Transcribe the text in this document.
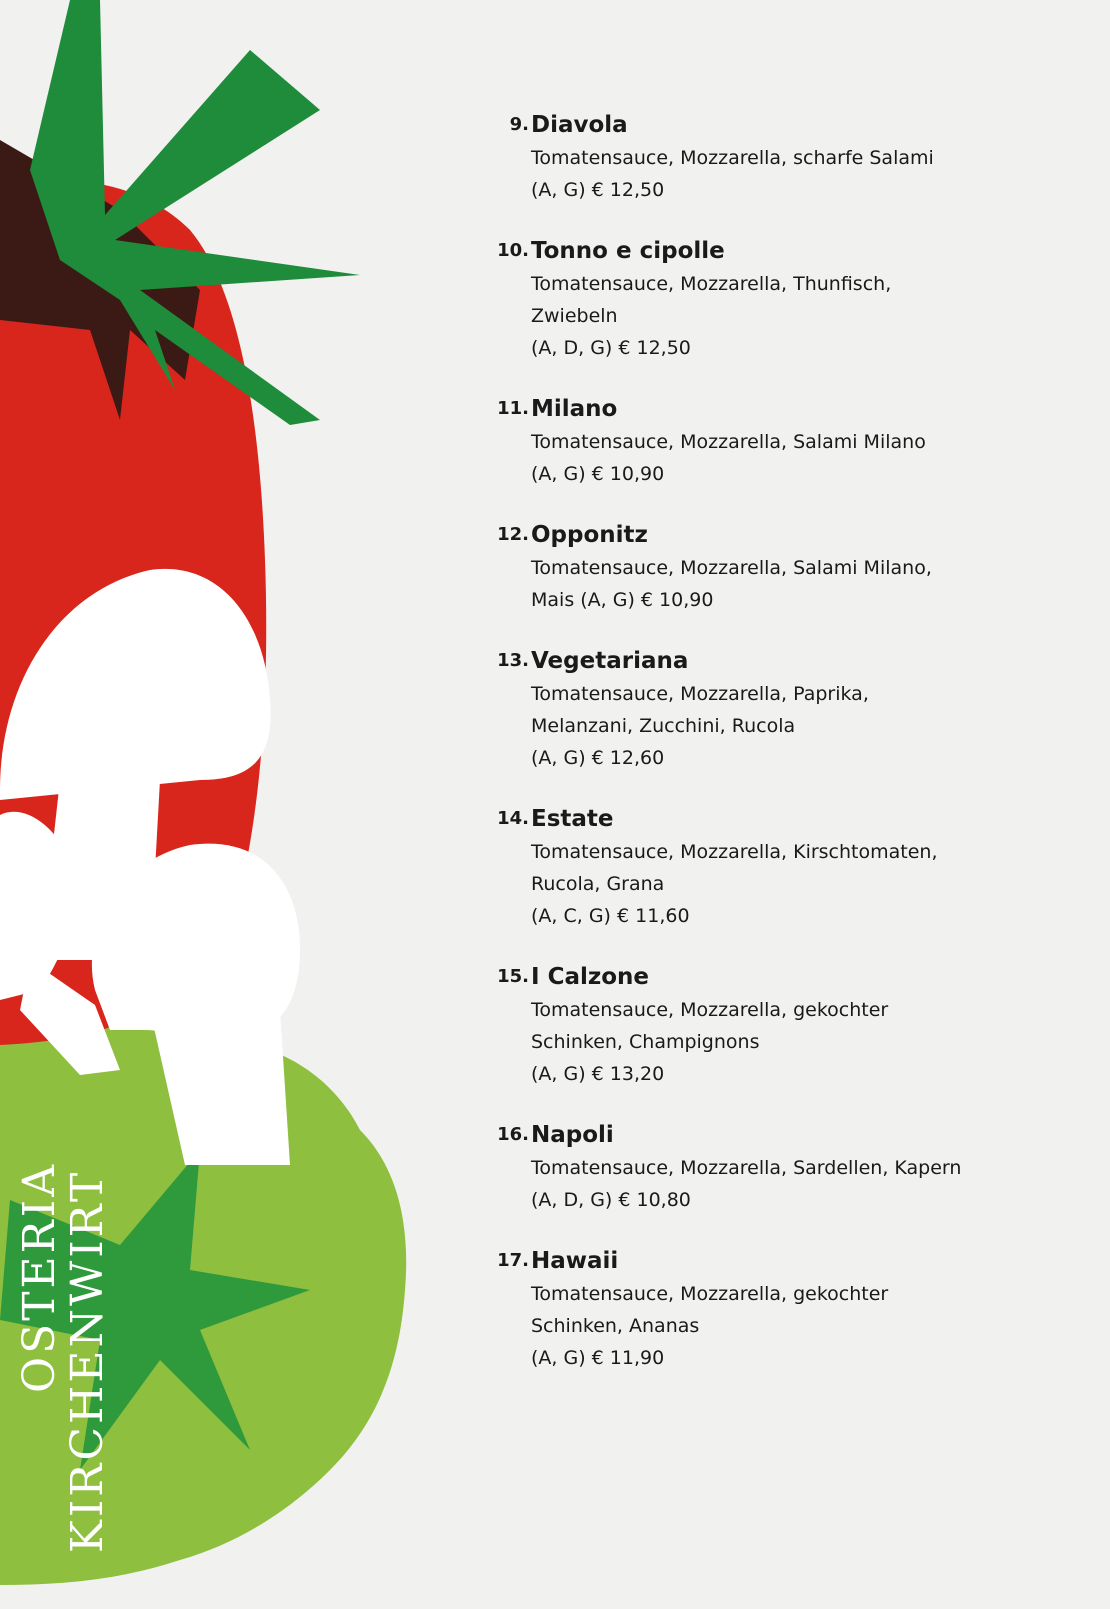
OSTERIA
KIRCHENWIRT
9. Diavola
Tomatensauce, Mozzarella, scharfe Salami
(A, G) € 12,50
10. Tonno e cipolle
Tomatensauce, Mozzarella, Thunfisch,
Zwiebeln
(A, D, G) € 12,50
11. Milano
Tomatensauce, Mozzarella, Salami Milano
(A, G) € 10,90
12. Opponitz
Tomatensauce, Mozzarella, Salami Milano,
Mais (A, G) € 10,90
13. Vegetariana
Tomatensauce, Mozzarella, Paprika,
Melanzani, Zucchini, Rucola
(A, G) € 12,60
14. Estate
Tomatensauce, Mozzarella, Kirschtomaten,
Rucola, Grana
(A, C, G) € 11,60
15. I Calzone
Tomatensauce, Mozzarella, gekochter
Schinken, Champignons
(A, G) € 13,20
16. Napoli
Tomatensauce, Mozzarella, Sardellen, Kapern
(A, D, G) € 10,80
17. Hawaii
Tomatensauce, Mozzarella, gekochter
Schinken, Ananas
(A, G) € 11,90
